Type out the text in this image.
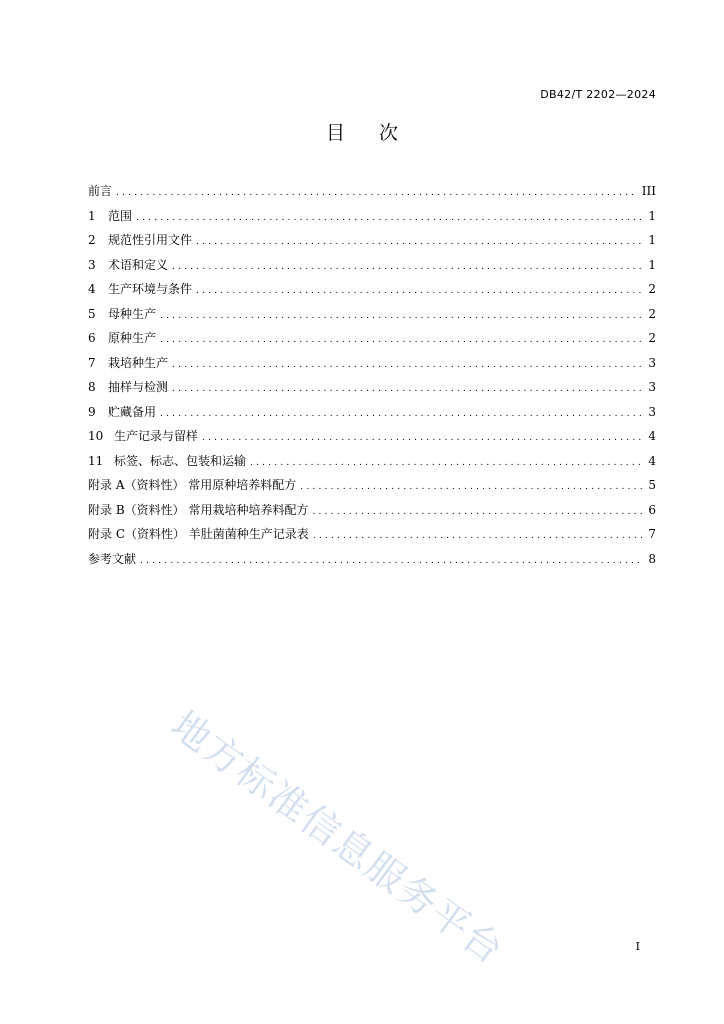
DB42/T 2202—2024
目 次
前言 .....	III
1	范围 .....	1
2	规范性引用文件 .....	1
3	术语和定义 .....	1
4	生产环境与条件 .....	2
5	母种生产 .....	2
6	原种生产 .....	2
7	栽培种生产 .....	3
8	抽样与检测 .....	3
9	贮藏备用 .....	3
10 生产记录与留样 .....	4
11 标签、标志、包装和运输 .....	4
附录 A（资料性） 常用原种培养料配方 .....	5
附录 B（资料性） 常用栽培种培养料配方 .....	6
附录 C（资料性） 羊肚菌菌种生产记录表 .....	7
参考文献 .....	8
地方标准信息服务平台	I
